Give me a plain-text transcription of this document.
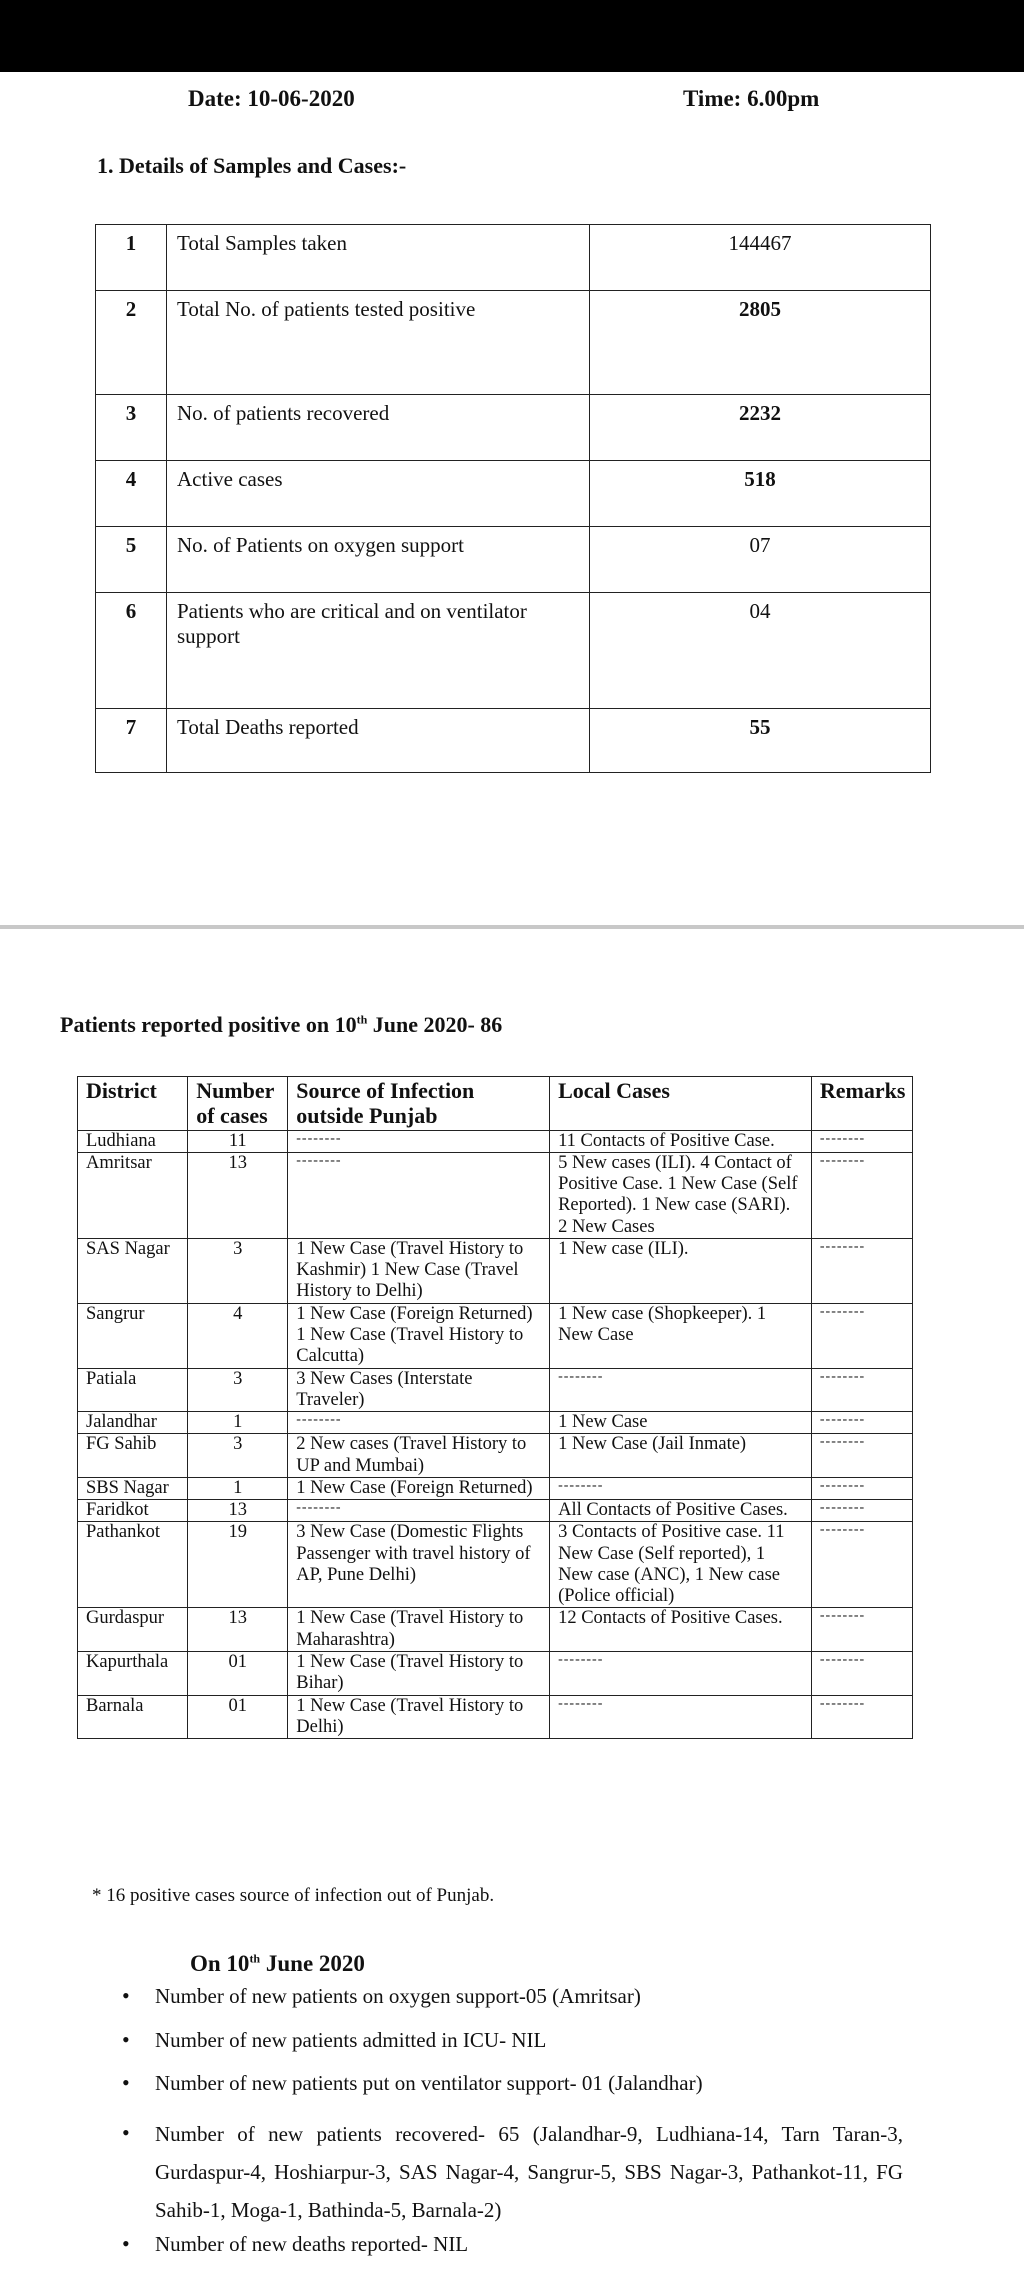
Date: 10-06-2020	Time: 6.00pm
1. Details of Samples and Cases:-
1	Total Samples taken	144467
2	Total No. of patients tested positive	2805
3	No. of patients recovered	2232
4	Active cases	518
5	No. of Patients on oxygen support	07
6	Patients who are critical and on ventilator support	04
7	Total Deaths reported	55
Patients reported positive on 10th June 2020- 86
District	Number of cases	Source of Infection outside Punjab	Local Cases	Remarks
Ludhiana	11	--------	11 Contacts of Positive Case.	--------
Amritsar	13	--------	5 New cases (ILI). 4 Contact of Positive Case. 1 New Case (Self Reported). 1 New case (SARI). 2 New Cases	--------
SAS Nagar	3	1 New Case (Travel History to Kashmir) 1 New Case (Travel History to Delhi)	1 New case (ILI).	--------
Sangrur	4	1 New Case (Foreign Returned) 1 New Case (Travel History to Calcutta)	1 New case (Shopkeeper). 1 New Case	--------
Patiala	3	3 New Cases (Interstate Traveler)	--------	--------
Jalandhar	1	--------	1 New Case	--------
FG Sahib	3	2 New cases (Travel History to UP and Mumbai)	1 New Case (Jail Inmate)	--------
SBS Nagar	1	1 New Case (Foreign Returned)	--------	--------
Faridkot	13	--------	All Contacts of Positive Cases.	--------
Pathankot	19	3 New Case (Domestic Flights Passenger with travel history of AP, Pune Delhi)	3 Contacts of Positive case. 11 New Case (Self reported), 1 New case (ANC), 1 New case (Police official)	--------
Gurdaspur	13	1 New Case (Travel History to Maharashtra)	12 Contacts of Positive Cases.	--------
Kapurthala	01	1 New Case (Travel History to Bihar)	--------	--------
Barnala	01	1 New Case (Travel History to Delhi)	--------	--------
* 16 positive cases source of infection out of Punjab.
On 10th June 2020
• Number of new patients on oxygen support-05 (Amritsar)
• Number of new patients admitted in ICU- NIL
• Number of new patients put on ventilator support- 01 (Jalandhar)
• Number of new patients recovered- 65 (Jalandhar-9, Ludhiana-14, Tarn Taran-3, Gurdaspur-4, Hoshiarpur-3, SAS Nagar-4, Sangrur-5, SBS Nagar-3, Pathankot-11, FG Sahib-1, Moga-1, Bathinda-5, Barnala-2)
• Number of new deaths reported- NIL
